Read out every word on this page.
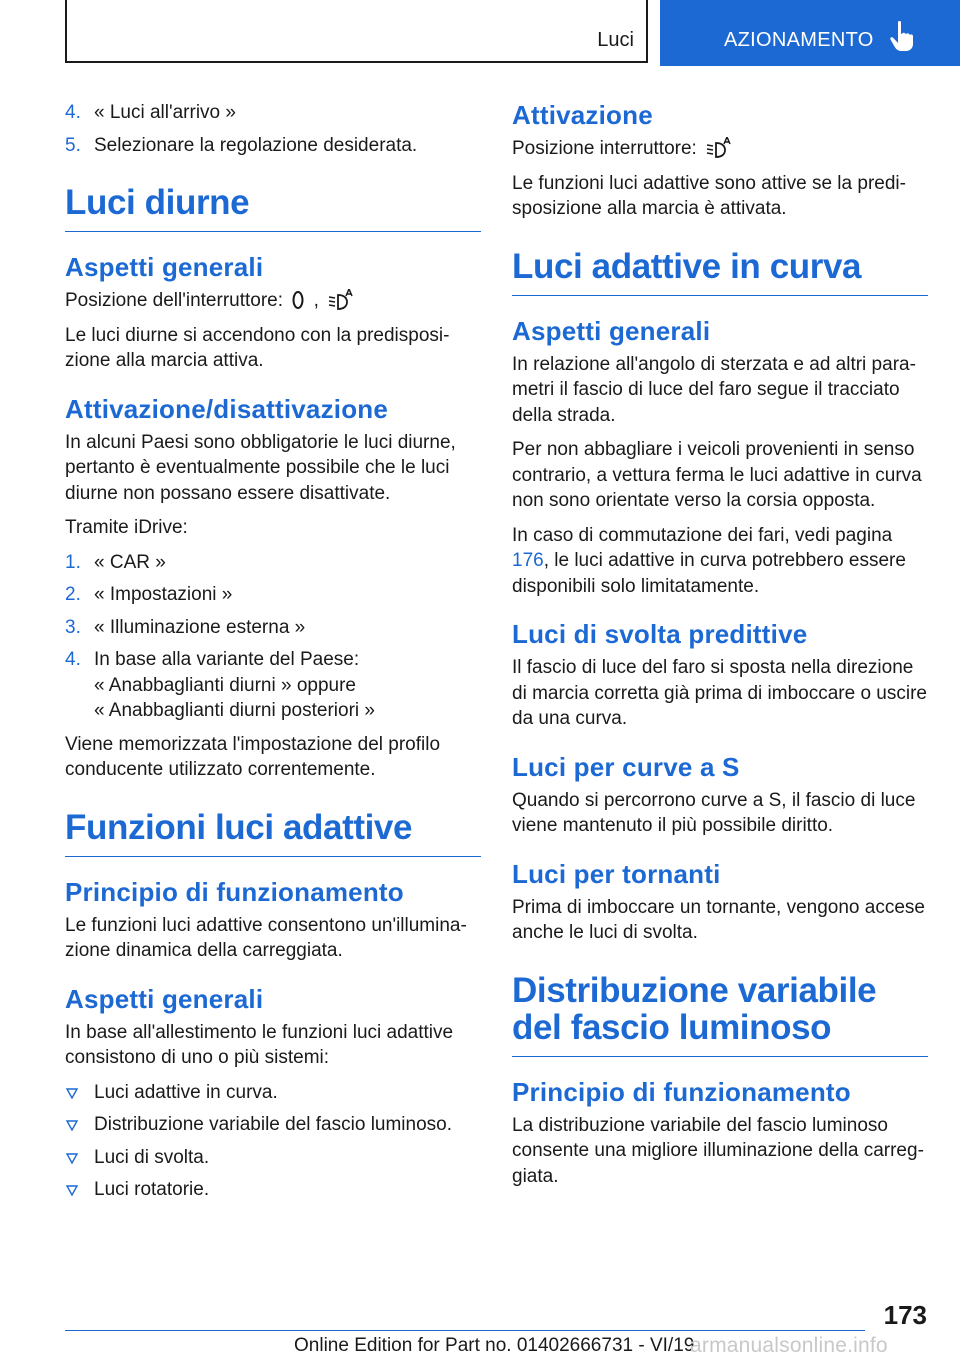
Luci	AZIONAMENTO
4. « Luci all'arrivo »
5. Selezionare la regolazione desiderata.
Luci diurne
Aspetti generali

Posizione dell'interruttore: ,

Le luci diurne si accendono con la predisposizione alla marcia attiva.

Attivazione/disattivazione

In alcuni Paesi sono obbligatorie le luci diurne, pertanto è eventualmente possibile che le luci diurne non possano essere disattivate.

Tramite iDrive:

1. « CAR »
2. « Impostazioni »
3. « Illuminazione esterna »
4. In base alla variante del Paese:
« Anabbaglianti diurni » oppure
« Anabbaglianti diurni posteriori »

Viene memorizzata l'impostazione del profilo conducente utilizzato correntemente.

Funzioni luci adattive
Principio di funzionamento

Le funzioni luci adattive consentono un'illuminazione dinamica della carreggiata.

Aspetti generali

In base all'allestimento le funzioni luci adattive consistono di uno o più sistemi:

Luci adattive in curva.
Distribuzione variabile del fascio luminoso.
Luci di svolta.
Luci rotatorie.
Attivazione

Posizione interruttore:

Le funzioni luci adattive sono attive se la predisposizione alla marcia è attivata.

Luci adattive in curva
Aspetti generali

In relazione all'angolo di sterzata e ad altri parametri il fascio di luce del faro segue il tracciato della strada.

Per non abbagliare i veicoli provenienti in senso contrario, a vettura ferma le luci adattive in curva non sono orientate verso la corsia opposta.

In caso di commutazione dei fari, vedi pagina 176, le luci adattive in curva potrebbero essere disponibili solo limitatamente.

Luci di svolta predittive

Il fascio di luce del faro si sposta nella direzione di marcia corretta già prima di imboccare o uscire da una curva.

Luci per curve a S

Quando si percorrono curve a S, il fascio di luce viene mantenuto il più possibile diritto.

Luci per tornanti

Prima di imboccare un tornante, vengono accese anche le luci di svolta.

Distribuzione variabile del fascio luminoso
Principio di funzionamento

La distribuzione variabile del fascio luminoso consente una migliore illuminazione della carreggiata.

173
Online Edition for Part no. 01402666731 - VI/19
armanualsonline.info
